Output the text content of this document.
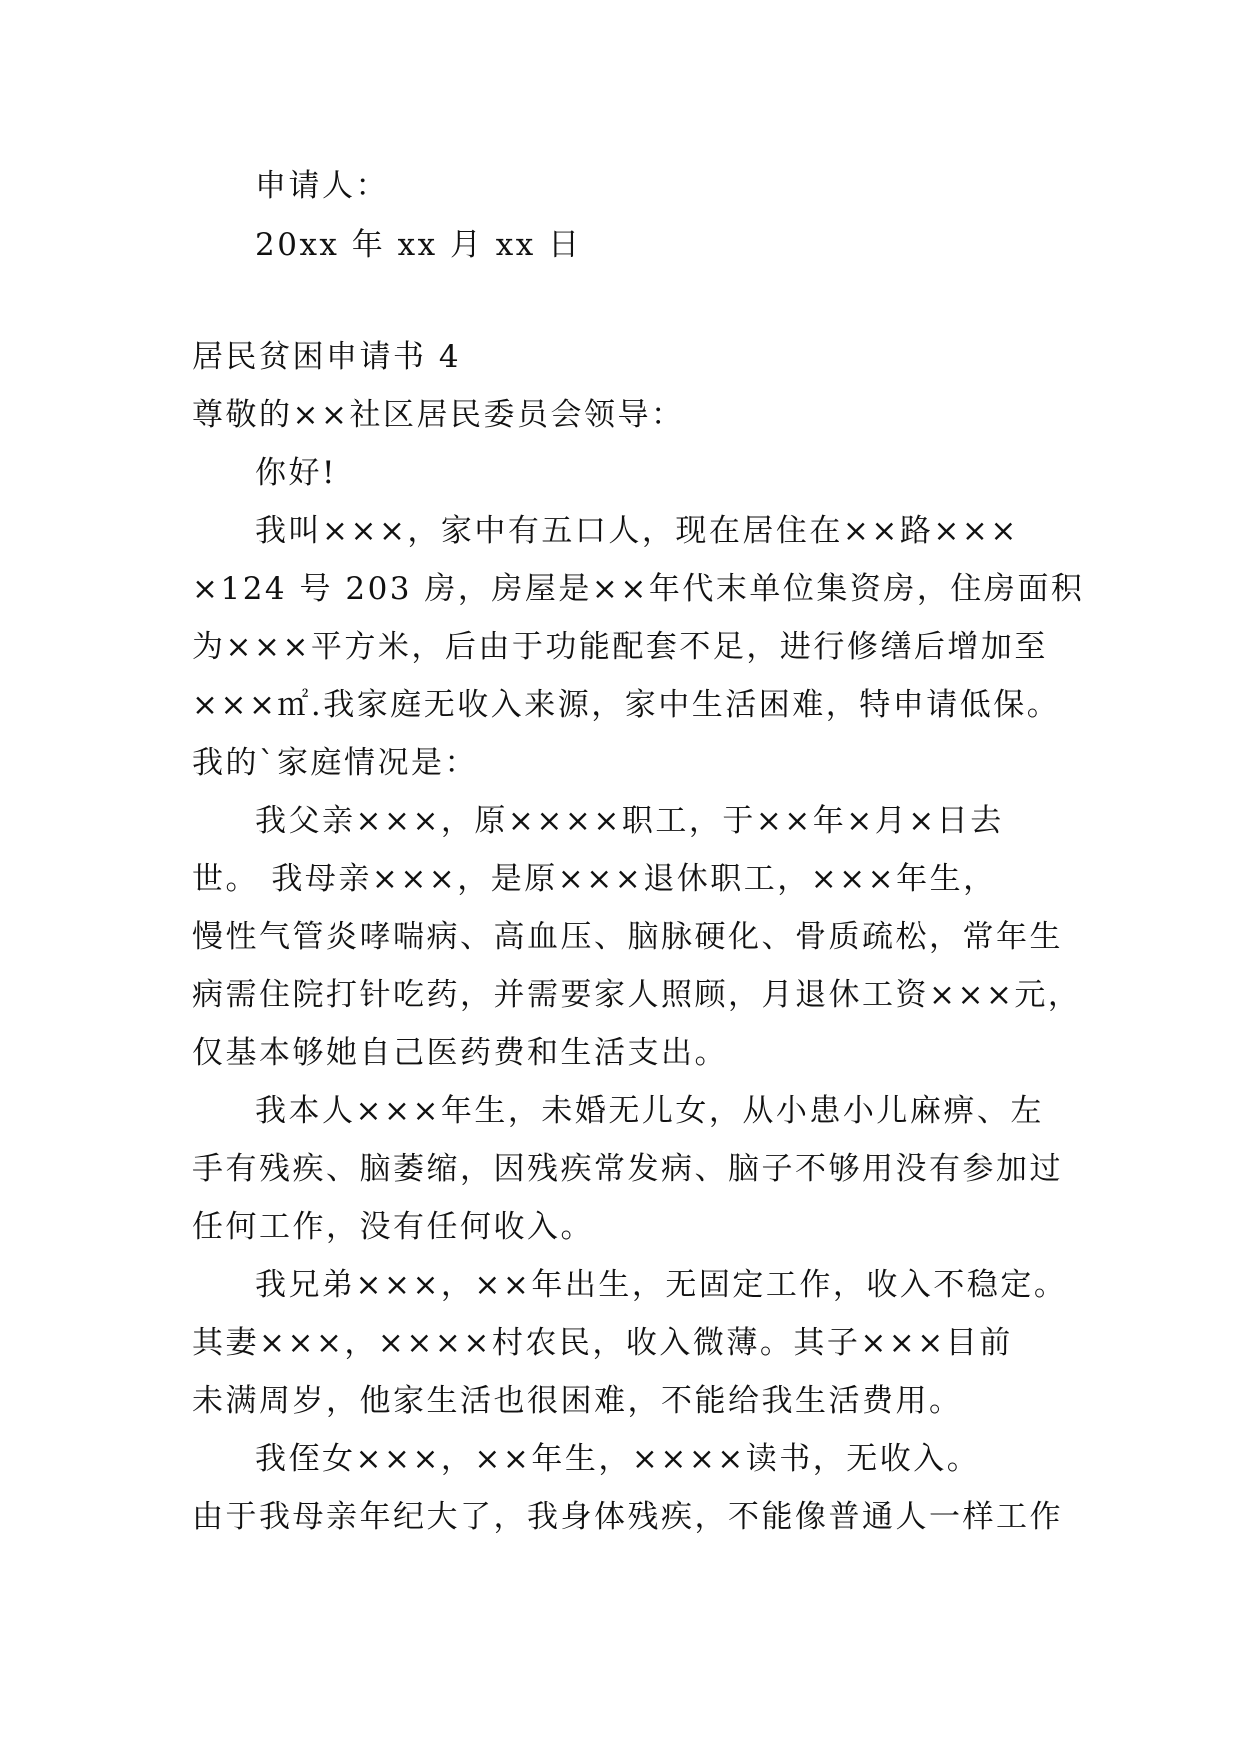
申请人：
20xx 年 xx 月 xx 日
居民贫困申请书 4
尊敬的××社区居民委员会领导：
你好!
我叫×××，家中有五口人，现在居住在××路×××
×124 号 203 房，房屋是××年代末单位集资房，住房面积
为×××平方米，后由于功能配套不足，进行修缮后增加至
×××㎡.我家庭无收入来源，家中生活困难，特申请低保。
我的`家庭情况是：
我父亲×××，原××××职工，于××年×月×日去
世。 我母亲×××，是原×××退休职工，×××年生，
慢性气管炎哮喘病、高血压、脑脉硬化、骨质疏松，常年生
病需住院打针吃药，并需要家人照顾，月退休工资×××元，
仅基本够她自己医药费和生活支出。
我本人×××年生，未婚无儿女，从小患小儿麻痹、左
手有残疾、脑萎缩，因残疾常发病、脑子不够用没有参加过
任何工作，没有任何收入。
我兄弟×××，××年出生，无固定工作，收入不稳定。
其妻×××，××××村农民，收入微薄。其子×××目前
未满周岁，他家生活也很困难，不能给我生活费用。
我侄女×××，××年生，××××读书，无收入。
由于我母亲年纪大了，我身体残疾，不能像普通人一样工作
